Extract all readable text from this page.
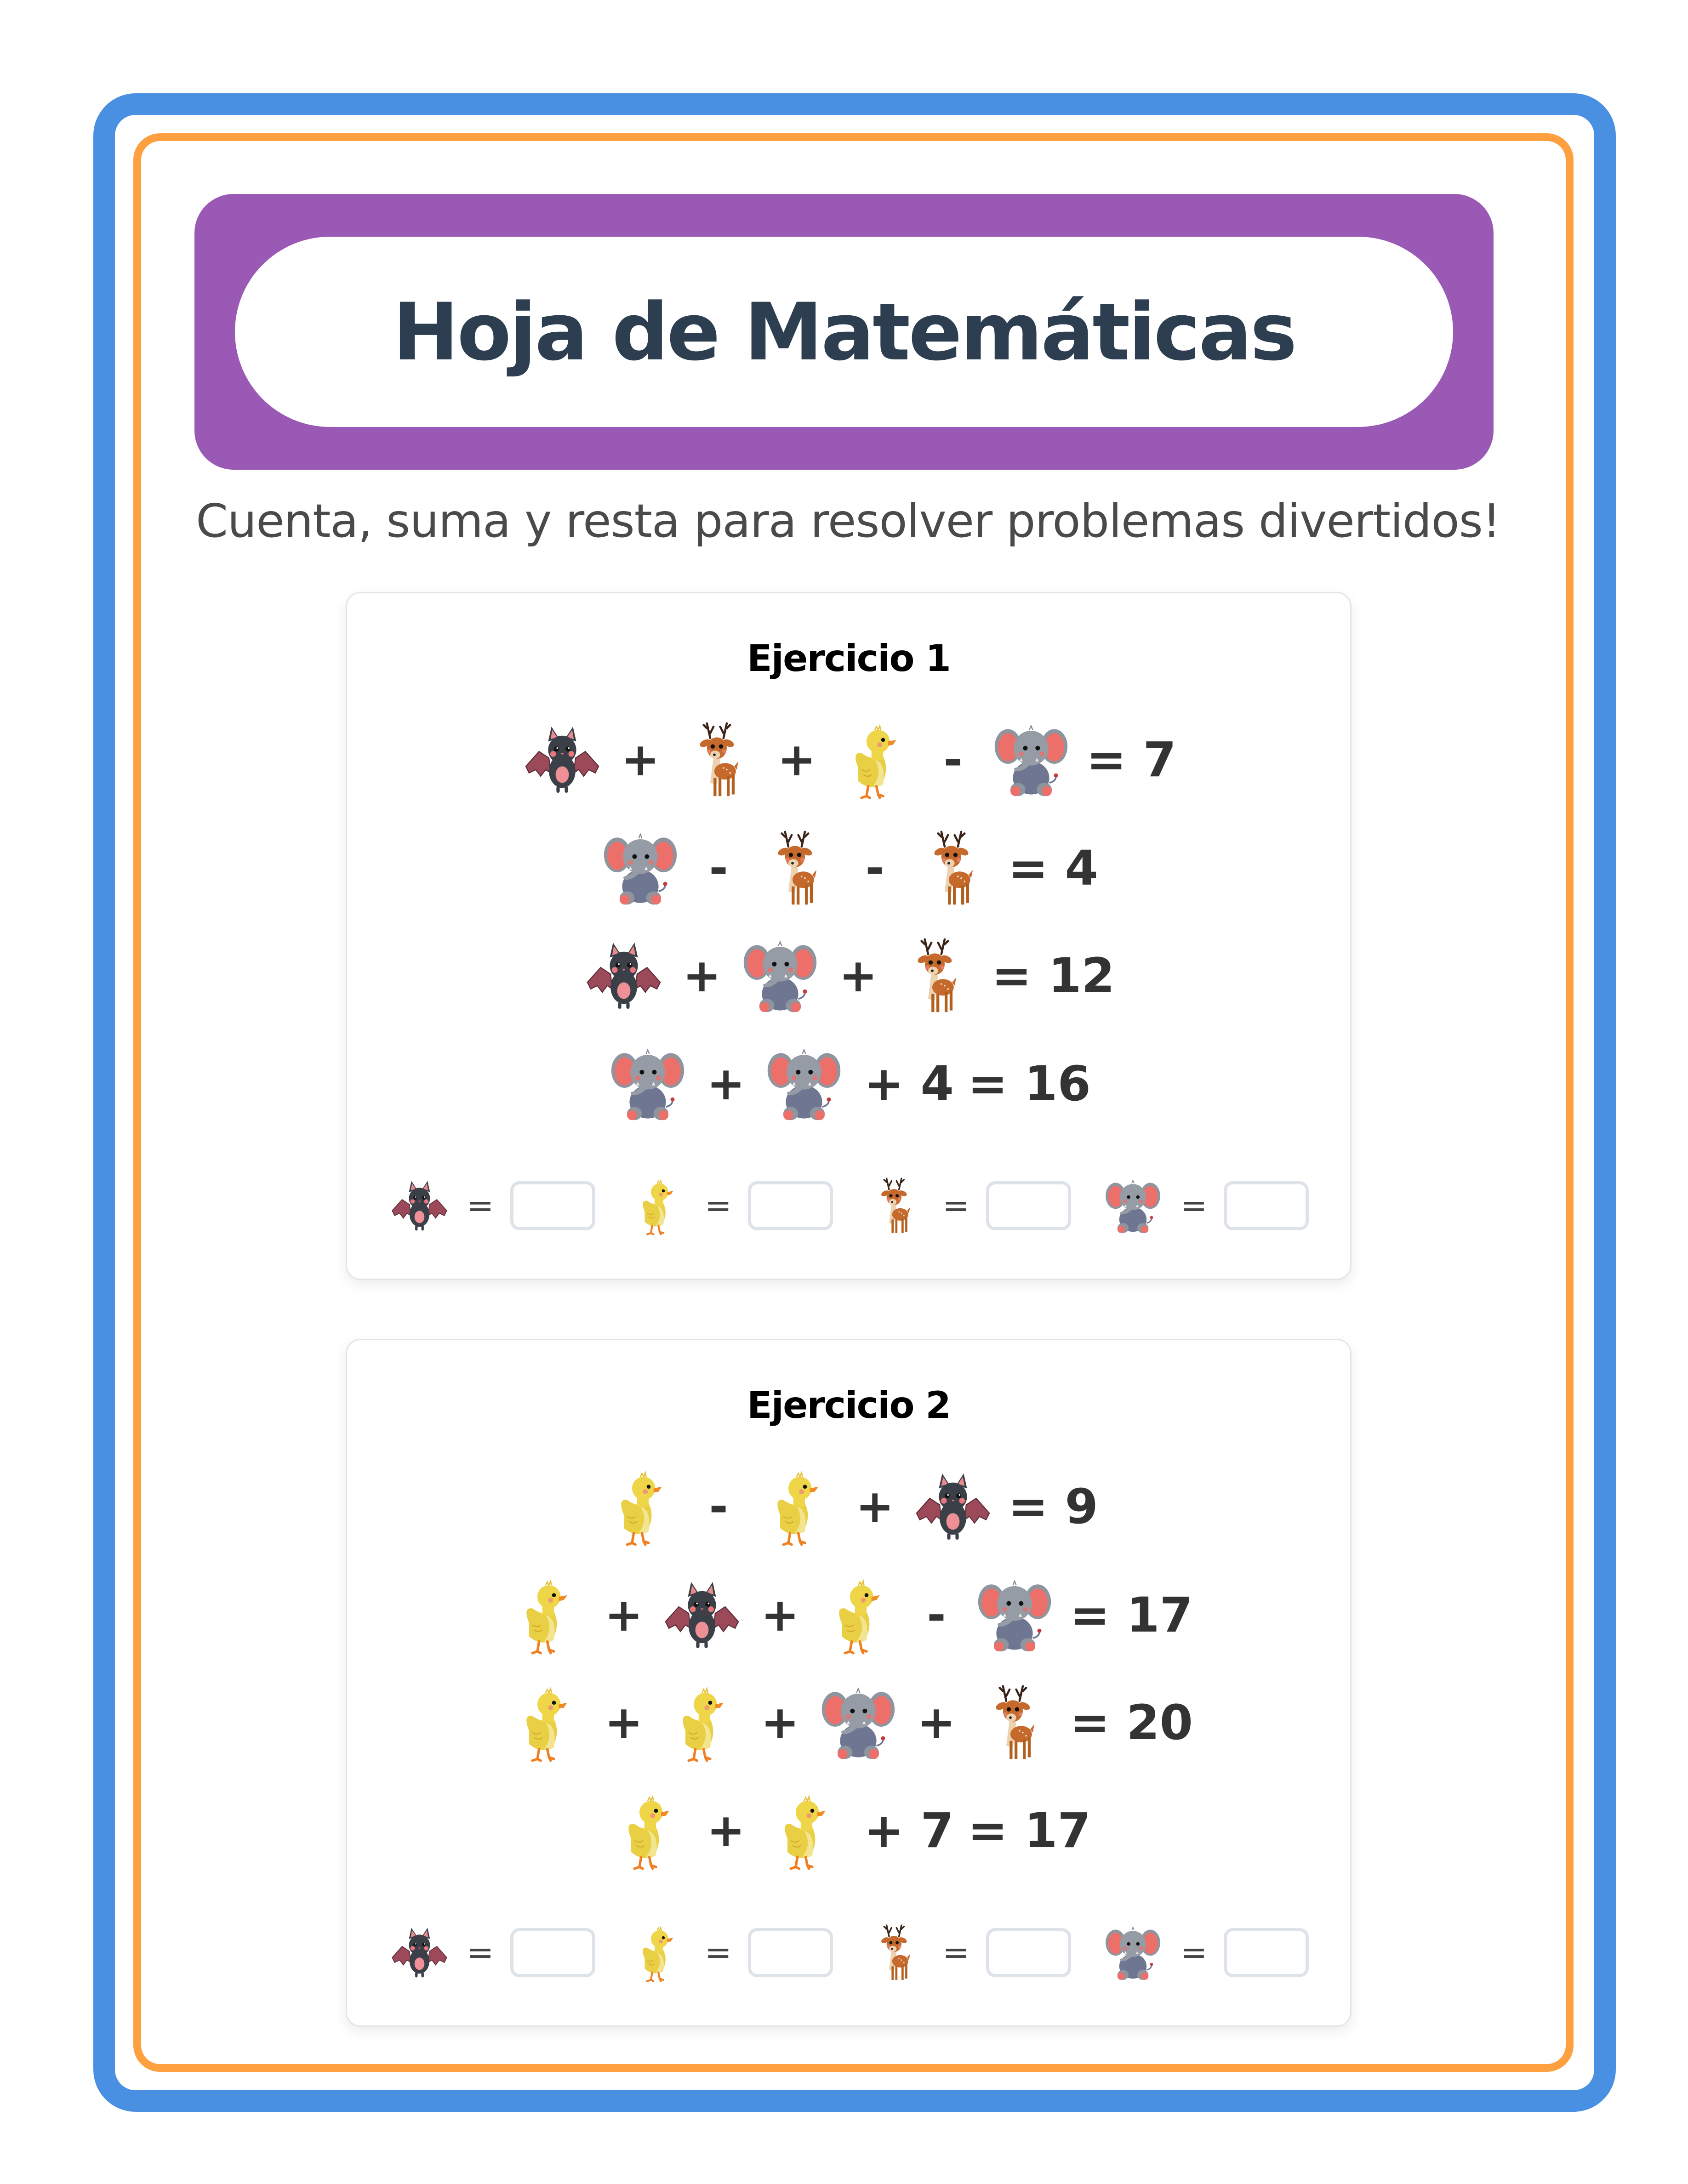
Hoja de Matemáticas
Cuenta, suma y resta para resolver problemas divertidos!
Ejercicio 1
+	+	-	= 7
-	-	= 4
+	+	= 12
+	+ 4 = 16
=	=	=	=
Ejercicio 2
-	+	= 9
+	+	-	= 17
+	+	+	= 20
+	+ 7 = 17
=	=	=	=
